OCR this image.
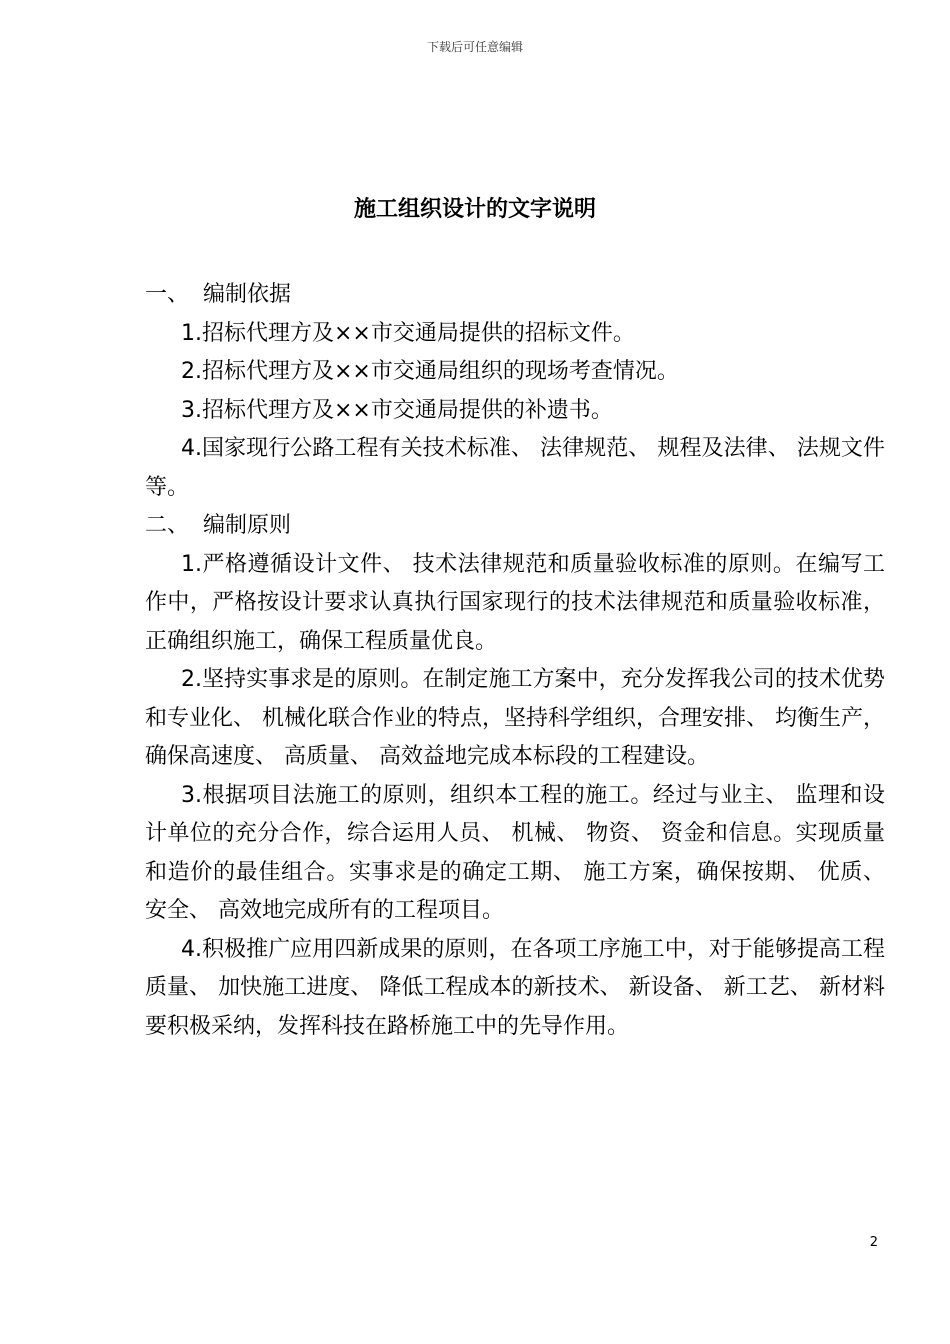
下载后可任意编辑
施工组织设计的文字说明
一、 编制依据

1.招标代理方及××市交通局提供的招标文件。

2.招标代理方及××市交通局组织的现场考查情况。

3.招标代理方及××市交通局提供的补遗书。

4.国家现行公路工程有关技术标准、 法律规范、 规程及法律、 法规文件等。

二、 编制原则

1.严格遵循设计文件、 技术法律规范和质量验收标准的原则。在编写工作中，严格按设计要求认真执行国家现行的技术法律规范和质量验收标准，正确组织施工，确保工程质量优良。

2.坚持实事求是的原则。在制定施工方案中，充分发挥我公司的技术优势和专业化、 机械化联合作业的特点，坚持科学组织，合理安排、 均衡生产，确保高速度、 高质量、 高效益地完成本标段的工程建设。

3.根据项目法施工的原则，组织本工程的施工。经过与业主、 监理和设计单位的充分合作，综合运用人员、 机械、 物资、 资金和信息。实现质量和造价的最佳组合。实事求是的确定工期、 施工方案，确保按期、 优质、 安全、 高效地完成所有的工程项目。

4.积极推广应用四新成果的原则，在各项工序施工中，对于能够提高工程质量、 加快施工进度、 降低工程成本的新技术、 新设备、 新工艺、 新材料要积极采纳，发挥科技在路桥施工中的先导作用。

2
